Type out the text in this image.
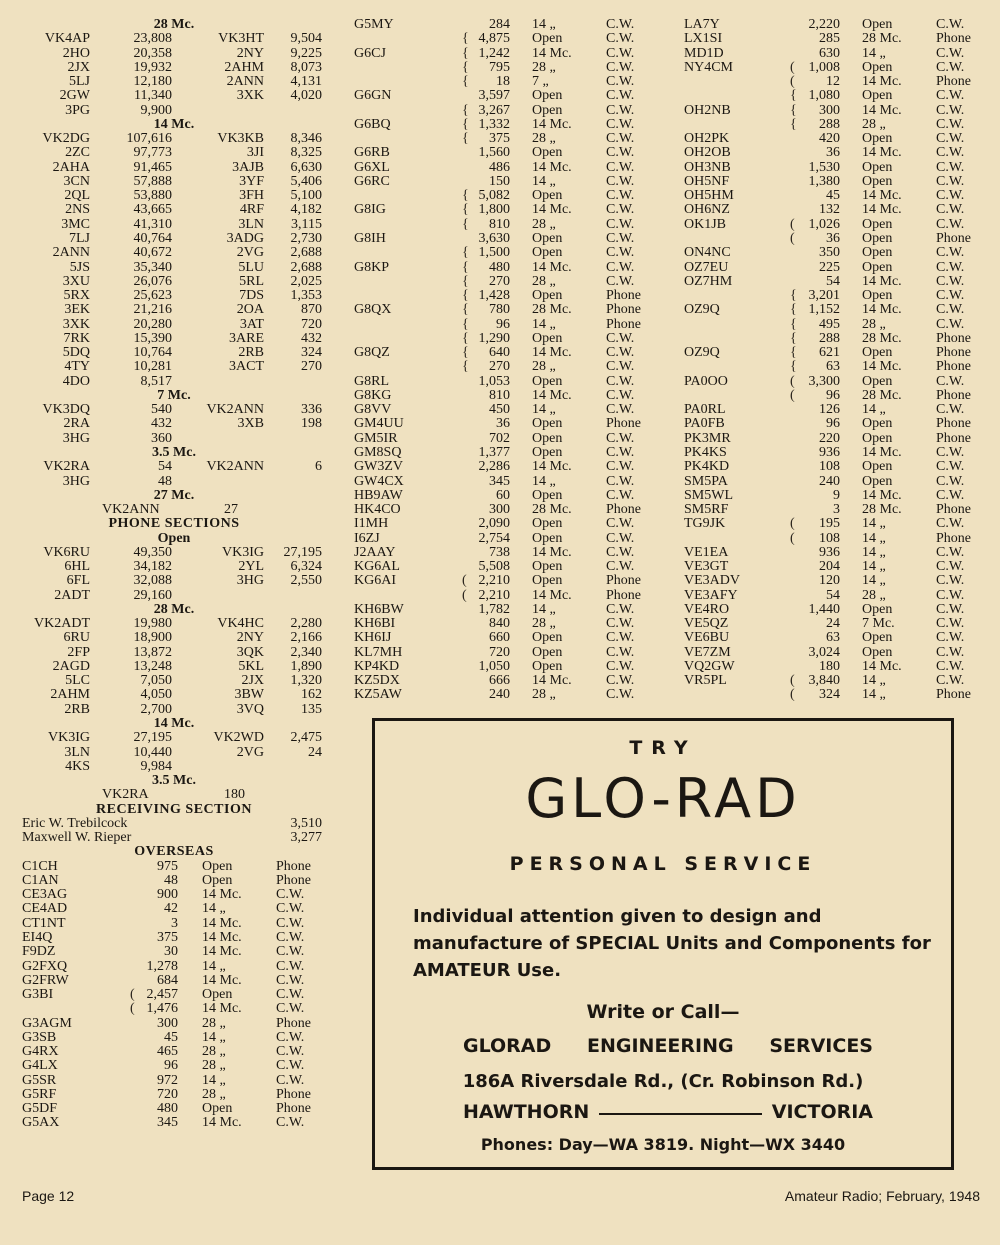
28 Mc.
VK4AP	23,808	VK3HT	9,504
2HO	20,358	2NY	9,225
2JX	19,932	2AHM	8,073
5LJ	12,180	2ANN	4,131
2GW	11,340	3XK	4,020
3PG	9,900
14 Mc.
VK2DG	107,616	VK3KB	8,346
2ZC	97,773	3JI	8,325
2AHA	91,465	3AJB	6,630
3CN	57,888	3YF	5,406
2QL	53,880	3FH	5,100
2NS	43,665	4RF	4,182
3MC	41,310	3LN	3,115
7LJ	40,764	3ADG	2,730
2ANN	40,672	2VG	2,688
5JS	35,340	5LU	2,688
3XU	26,076	5RL	2,025
5RX	25,623	7DS	1,353
3EK	21,216	2OA	870
3XK	20,280	3AT	720
7RK	15,390	3ARE	432
5DQ	10,764	2RB	324
4TY	10,281	3ACT	270
4DO	8,517
7 Mc.
VK3DQ	540	VK2ANN	336
2RA	432	3XB	198
3HG	360
3.5 Mc.
VK2RA	54	VK2ANN	6
3HG	48
27 Mc.
VK2ANN	27
PHONE SECTIONS
Open
VK6RU	49,350	VK3IG	27,195
6HL	34,182	2YL	6,324
6FL	32,088	3HG	2,550
2ADT	29,160
28 Mc.
VK2ADT	19,980	VK4HC	2,280
6RU	18,900	2NY	2,166
2FP	13,872	3QK	2,340
2AGD	13,248	5KL	1,890
5LC	7,050	2JX	1,320
2AHM	4,050	3BW	162
2RB	2,700	3VQ	135
14 Mc.
VK3IG	27,195	VK2WD	2,475
3LN	10,440	2VG	24
4KS	9,984
3.5 Mc.
VK2RA	180
RECEIVING SECTION
Eric W. Trebilcock	3,510
Maxwell W. Rieper	3,277
OVERSEAS
C1CH	975 Open	Phone
C1AN	48 Open	Phone
CE3AG	900 14 Mc. C.W.
CE4AD	42 14 „	C.W.
CT1NT	3 14 Mc. C.W.
EI4Q	375 14 Mc. C.W.
F9DZ	30 14 Mc. C.W.
G2FXQ	1,278 14 „	C.W.
G2FRW	684 14 Mc. C.W.
G3BI	( 2,457 Open	C.W.
( 1,476 14 Mc. C.W.
G3AGM	300 28 „	Phone
G3SB	45 14 „	C.W.
G4RX	465 28 „	C.W.
G4LX	96 28 „	C.W.
G5SR	972 14 „	C.W.
G5RF	720 28 „	Phone
G5DF	480 Open	Phone
G5AX	345 14 Mc. C.W.
G5MY	284 14 „	C.W.
{ 4,875 Open	C.W.
G6CJ	{ 1,242 14 Mc. C.W.
{	795 28 „	C.W.
{	18 7 „	C.W.
G6GN	3,597 Open	C.W.
{ 3,267 Open	C.W.
G6BQ	{ 1,332 14 Mc. C.W.
{	375 28 „	C.W.
G6RB	1,560 Open	C.W.
G6XL	486 14 Mc. C.W.
G6RC	150 14 „	C.W.
{ 5,082 Open	C.W.
G8IG	{ 1,800 14 Mc. C.W.
{	810 28 „	C.W.
G8IH	3,630 Open	C.W.
{ 1,500 Open	C.W.
G8KP	{	480 14 Mc. C.W.
{	270 28 „	C.W.
{ 1,428 Open	Phone
G8QX	{	780 28 Mc. Phone
{	96 14 „	Phone
{ 1,290 Open	C.W.
G8QZ	{	640 14 Mc. C.W.
{	270 28 „	C.W.
G8RL	1,053 Open	C.W.
G8KG	810 14 Mc. C.W.
G8VV	450 14 „	C.W.
GM4UU	36 Open	Phone
GM5IR	702 Open	C.W.
GM8SQ	1,377 Open	C.W.
GW3ZV	2,286 14 Mc. C.W.
GW4CX	345 14 „	C.W.
HB9AW	60 Open	C.W.
HK4CO	300 28 Mc. Phone
I1MH	2,090 Open	C.W.
I6ZJ	2,754 Open	C.W.
J2AAY	738 14 Mc. C.W.
KG6AL	5,508 Open	C.W.
KG6AI	( 2,210 Open	Phone
( 2,210 14 Mc. Phone
KH6BW	1,782 14 „	C.W.
KH6BI	840 28 „	C.W.
KH6IJ	660 Open	C.W.
KL7MH	720 Open	C.W.
KP4KD	1,050 Open	C.W.
KZ5DX	666 14 Mc. C.W.
KZ5AW	240 28 „	C.W.
LA7Y	2,220 Open	C.W.
LX1SI	285 28 Mc. Phone
MD1D	630 14 „	C.W.
NY4CM	( 1,008 Open	C.W.
(	12 14 Mc. Phone
{ 1,080 Open	C.W.
OH2NB	{	300 14 Mc. C.W.
{	288 28 „	C.W.
OH2PK	420 Open	C.W.
OH2OB	36 14 Mc. C.W.
OH3NB	1,530 Open	C.W.
OH5NF	1,380 Open	C.W.
OH5HM	45 14 Mc. C.W.
OH6NZ	132 14 Mc. C.W.
OK1JB	( 1,026 Open	C.W.
(	36 Open	Phone
ON4NC	350 Open	C.W.
OZ7EU	225 Open	C.W.
OZ7HM	54 14 Mc. C.W.
{ 3,201 Open	C.W.
OZ9Q	{ 1,152 14 Mc. C.W.
{	495 28 „	C.W.
{	288 28 Mc. Phone
OZ9Q	{	621 Open	Phone
{	63 14 Mc. Phone
PA0OO	( 3,300 Open	C.W.
(	96 28 Mc. Phone
PA0RL	126 14 „	C.W.
PA0FB	96 Open	Phone
PK3MR	220 Open	Phone
PK4KS	936 14 Mc. C.W.
PK4KD	108 Open	C.W.
SM5PA	240 Open	C.W.
SM5WL	9 14 Mc. C.W.
SM5RF	3 28 Mc. Phone
TG9JK	(	195 14 „	C.W.
(	108 14 „	Phone
VE1EA	936 14 „	C.W.
VE3GT	204 14 „	C.W.
VE3ADV	120 14 „	C.W.
VE3AFY	54 28 „	C.W.
VE4RO	1,440 Open	C.W.
VE5QZ	24 7 Mc.	C.W.
VE6BU	63 Open	C.W.
VE7ZM	3,024 Open	C.W.
VQ2GW	180 14 Mc. C.W.
VR5PL	( 3,840 14 „	C.W.
(	324 14 „	Phone
TRY
GLO-RAD
PERSONAL SERVICE
Individual attention given to design and manufacture of SPECIAL Units and Components for AMATEUR Use.
Write or Call—
GLORAD ENGINEERING SERVICES
186A Riversdale Rd., (Cr. Robinson Rd.)
HAWTHORN	VICTORIA
Phones: Day—WA 3819. Night—WX 3440
Page 12	Amateur Radio; February, 1948
